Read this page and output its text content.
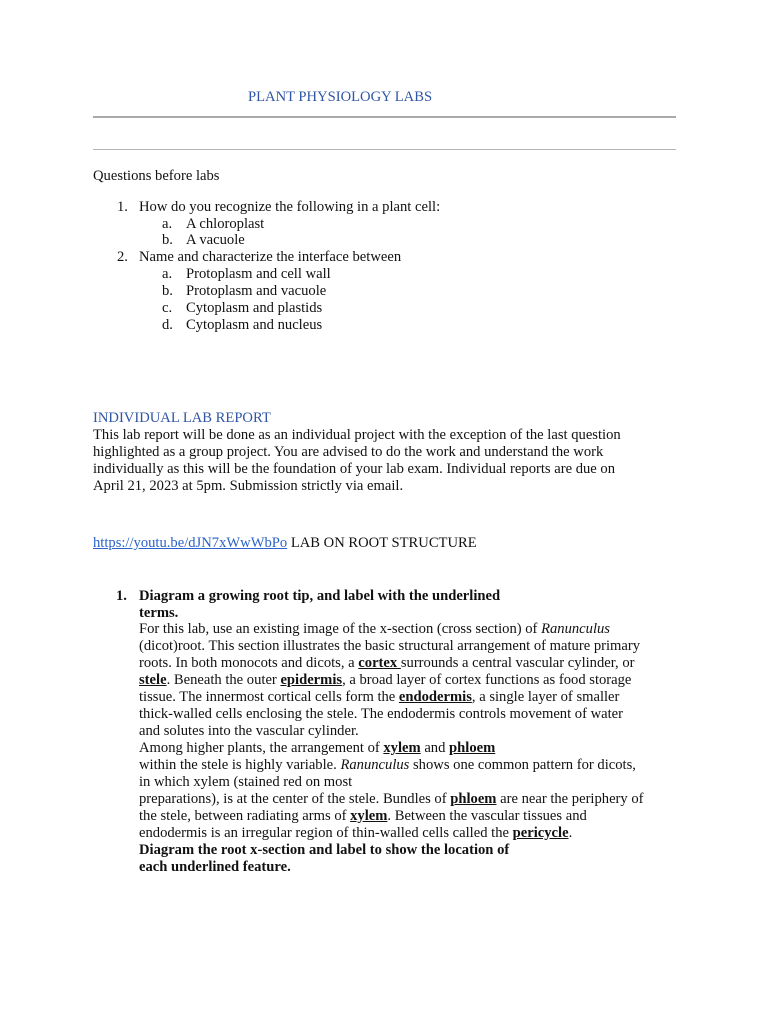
PLANT PHYSIOLOGY LABS
Questions before labs
1. How do you recognize the following in a plant cell:
a. A chloroplast
b. A vacuole
2. Name and characterize the interface between
a. Protoplasm and cell wall
b. Protoplasm and vacuole
c. Cytoplasm and plastids
d. Cytoplasm and nucleus
INDIVIDUAL LAB REPORT
This lab report will be done as an individual project with the exception of the last question
highlighted as a group project. You are advised to do the work and understand the work
individually as this will be the foundation of your lab exam. Individual reports are due on
April 21, 2023 at 5pm. Submission strictly via email.
https://youtu.be/dJN7xWwWbPo LAB ON ROOT STRUCTURE
1. Diagram a growing root tip, and label with the underlined
terms.
For this lab, use an existing image of the x-section (cross section) of Ranunculus
(dicot)root. This section illustrates the basic structural arrangement of mature primary
roots. In both monocots and dicots, a cortex surrounds a central vascular cylinder, or
stele. Beneath the outer epidermis, a broad layer of cortex functions as food storage
tissue. The innermost cortical cells form the endodermis, a single layer of smaller
thick-walled cells enclosing the stele. The endodermis controls movement of water
and solutes into the vascular cylinder.
Among higher plants, the arrangement of xylem and phloem
within the stele is highly variable. Ranunculus shows one common pattern for dicots,
in which xylem (stained red on most
preparations), is at the center of the stele. Bundles of phloem are near the periphery of
the stele, between radiating arms of xylem. Between the vascular tissues and
endodermis is an irregular region of thin-walled cells called the pericycle.
Diagram the root x-section and label to show the location of
each underlined feature.
